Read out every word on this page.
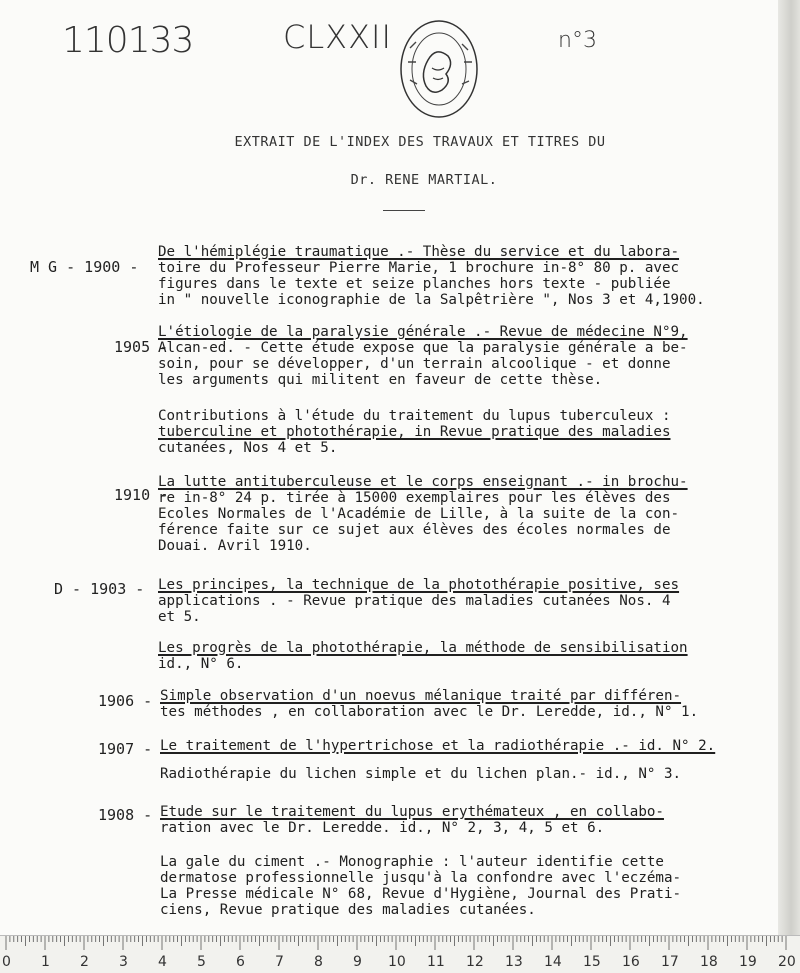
110133	CLXXII	n°3
EXTRAIT DE L'INDEX DES TRAVAUX ET TITRES DU
Dr. RENE MARTIAL.
M G - 1900 -
De l'hémiplégie traumatique .- Thèse du service et du labora-
toire du Professeur Pierre Marie, 1 brochure in-8° 80 p. avec
figures dans le texte et seize planches hors texte - publiée
in " nouvelle iconographie de la Salpêtrière ", Nos 3 et 4,1900.
1905 -
L'étiologie de la paralysie générale .- Revue de médecine N°9,
Alcan-ed. - Cette étude expose que la paralysie générale a be-
soin, pour se développer, d'un terrain alcoolique - et donne
les arguments qui militent en faveur de cette thèse.
Contributions à l'étude du traitement du lupus tuberculeux :
tuberculine et photothérapie, in Revue pratique des maladies
cutanées, Nos 4 et 5.
1910 -
La lutte antituberculeuse et le corps enseignant .- in brochu-
re in-8° 24 p. tirée à 15000 exemplaires pour les élèves des
Ecoles Normales de l'Académie de Lille, à la suite de la con-
férence faite sur ce sujet aux élèves des écoles normales de
Douai. Avril 1910.
D - 1903 - Les principes, la technique de la photothérapie positive, ses
applications . - Revue pratique des maladies cutanées Nos. 4
et 5.
Les progrès de la photothérapie, la méthode de sensibilisation
id., N° 6.
1906 - Simple observation d'un noevus mélanique traité par différen-
tes méthodes , en collaboration avec le Dr. Leredde, id., N° 1.
1907 - Le traitement de l'hypertrichose et la radiothérapie .- id. N° 2.
Radiothérapie du lichen simple et du lichen plan.- id., N° 3.
1908 - Etude sur le traitement du lupus erythémateux , en collabo-
ration avec le Dr. Leredde. id., N° 2, 3, 4, 5 et 6.
La gale du ciment .- Monographie : l'auteur identifie cette
dermatose professionnelle jusqu'à la confondre avec l'eczéma-
La Presse médicale N° 68, Revue d'Hygiène, Journal des Prati-
ciens, Revue pratique des maladies cutanées.
0 1 2 3 4 5 6 7 8 9 10 11 12 13 14 15 16 17 18 19 20
